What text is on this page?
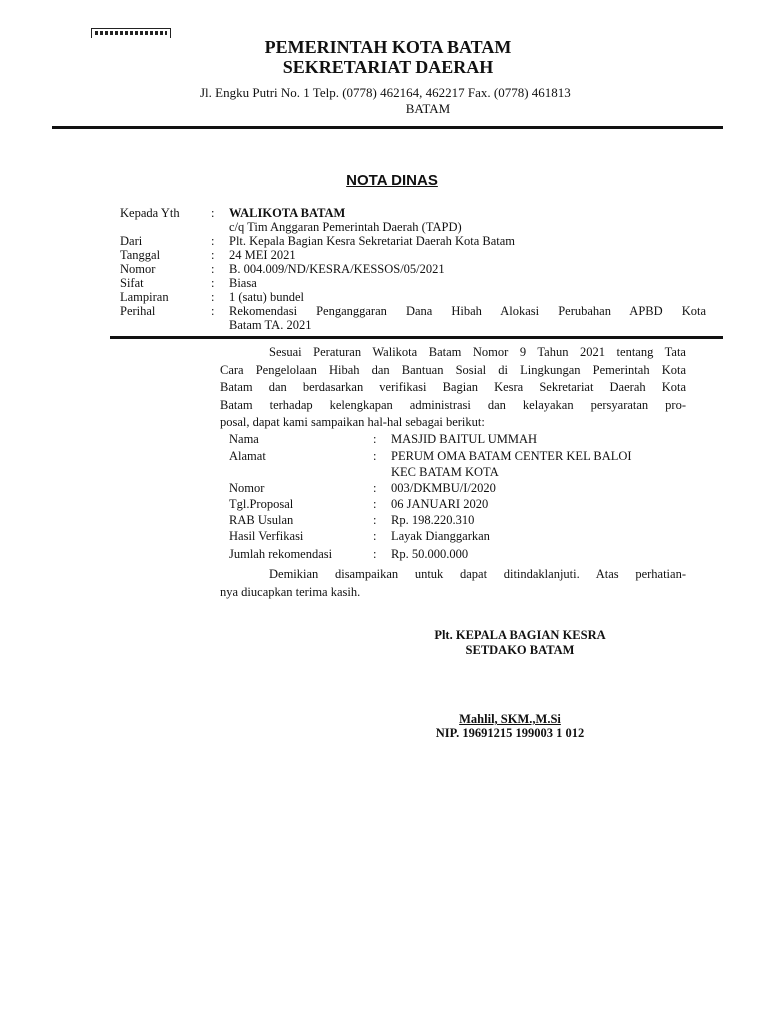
PEMERINTAH KOTA BATAM
SEKRETARIAT DAERAH
Jl. Engku Putri No. 1 Telp. (0778) 462164, 462217 Fax. (0778) 461813
BATAM
NOTA DINAS
Kepada Yth	: WALIKOTA BATAM
c/q Tim Anggaran Pemerintah Daerah (TAPD)
Dari	: Plt. Kepala Bagian Kesra Sekretariat Daerah Kota Batam
Tanggal	: 24 MEI 2021
Nomor	: B. 004.009/ND/KESRA/KESSOS/05/2021
Sifat	: Biasa
Lampiran	: 1 (satu) bundel
Perihal	: Rekomendasi Penganggaran Dana Hibah Alokasi Perubahan APBD Kota
Batam TA. 2021
Sesuai Peraturan Walikota Batam Nomor 9 Tahun 2021 tentang Tata
Cara Pengelolaan Hibah dan Bantuan Sosial di Lingkungan Pemerintah Kota
Batam dan berdasarkan verifikasi Bagian Kesra Sekretariat Daerah Kota
Batam terhadap kelengkapan administrasi dan kelayakan persyaratan pro-
posal, dapat kami sampaikan hal-hal sebagai berikut:
Nama	: MASJID BAITUL UMMAH
Alamat	: PERUM OMA BATAM CENTER KEL BALOI
KEC BATAM KOTA
Nomor	: 003/DKMBU/I/2020
Tgl.Proposal	: 06 JANUARI 2020
RAB Usulan	: Rp. 198.220.310
Hasil Verfikasi	: Layak Dianggarkan
Jumlah rekomendasi	: Rp. 50.000.000
Demikian disampaikan untuk dapat ditindaklanjuti. Atas perhatian-
nya diucapkan terima kasih.
Plt. KEPALA BAGIAN KESRA
SETDAKO BATAM
Mahlil, SKM.,M.Si
NIP. 19691215 199003 1 012
